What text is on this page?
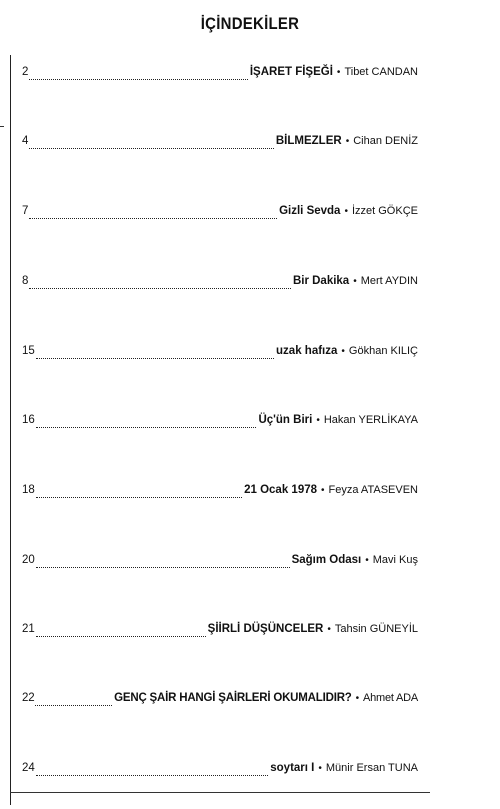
İÇİNDEKİLER
2	İŞARET FİŞEĞİ • Tibet CANDAN
4	BİLMEZLER • Cihan DENİZ
7	Gizli Sevda • İzzet GÖKÇE
8	Bir Dakika • Mert AYDIN
15	uzak hafıza • Gökhan KILIÇ
16	Üç'ün Biri • Hakan YERLİKAYA
18	21 Ocak 1978 • Feyza ATASEVEN
20	Sağım Odası • Mavi Kuş
21	ŞİİRLİ DÜŞÜNCELER • Tahsin GÜNEYİL
22	GENÇ ŞAİR HANGİ ŞAİRLERİ OKUMALIDIR? • Ahmet ADA
24	soytarı I • Münir Ersan TUNA
